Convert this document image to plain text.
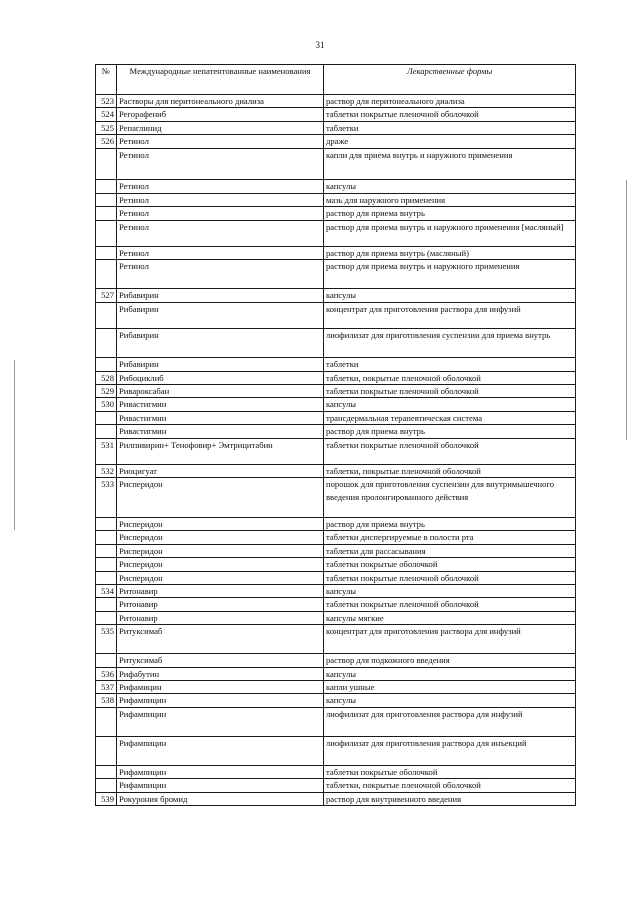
31
№	Международные непатентованные наименования	Лекарственные формы
523	Растворы для перитонеального диализа	раствор для перитонеального диализа
524	Регорафениб	таблетки покрытые пленочной оболочкой
525	Репаглинид	таблетки
526	Ретинол	драже
	Ретинол	капли для приема внутрь и наружного применения
	Ретинол	капсулы
	Ретинол	мазь для наружного применения
	Ретинол	раствор для приема внутрь
	Ретинол	раствор для приема внутрь и наружного применения [масляный]
	Ретинол	раствор для приема внутрь (масляный)
	Ретинол	раствор для приема внутрь и наружного применения
527	Рибавирин	капсулы
	Рибавирин	концентрат для приготовления раствора для инфузий
	Рибавирин	лиофилизат для приготовления суспензии для приема внутрь
	Рибавирин	таблетки
528	Рибоциклиб	таблетки, покрытые пленочной оболочкой
529	Ривароксабан	таблетки покрытые пленочной оболочкой
530	Ривастигмин	капсулы
	Ривастигмин	трансдермальная терапевтическая система
	Ривастигмин	раствор для приема внутрь
531	Рилпивирин+ Тенофовир+ Эмтрицитабин	таблетки покрытые пленочной оболочкой
532	Риоцигуат	таблетки, покрытые пленочной оболочкой
533	Рисперидон	порошок для приготовления суспензии для внутримышечного введения пролонгированного действия
	Рисперидон	раствор для приема внутрь
	Рисперидон	таблетки диспергируемые в полости рта
	Рисперидон	таблетки для рассасывания
	Рисперидон	таблетки покрытые оболочкой
	Рисперидон	таблетки покрытые пленочной оболочкой
534	Ритонавир	капсулы
	Ритонавир	таблетки покрытые пленочной оболочкой
	Ритонавир	капсулы мягкие
535	Ритуксимаб	концентрат для приготовления раствора для инфузий
	Ритуксимаб	раствор для подкожного введения
536	Рифабутин	капсулы
537	Рифамицин	капли ушные
538	Рифампицин	капсулы
	Рифампицин	лиофилизат для приготовления раствора для инфузий
	Рифампицин	лиофилизат для приготовления раствора для инъекций
	Рифампицин	таблетки покрытые оболочкой
	Рифампицин	таблетки, покрытые пленочной оболочкой
539	Рокурония бромид	раствор для внутривенного введения
